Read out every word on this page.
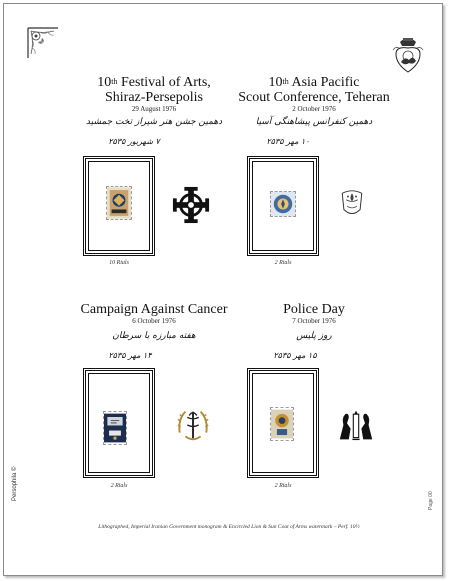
10th Festival of Arts,
Shiraz-Persepolis
29 August 1976
دهمین جشن هنر شیراز تخت جمشید
۷ شهریور ۲۵۳۵
10 Rials
10th Asia Pacific
Scout Conference, Teheran
2 October 1976
دهمین کنفرانس پیشاهنگی آسیا
۱۰ مهر ۲۵۳۵
2 Rials
Campaign Against Cancer
6 October 1976
هفته مبارزه با سرطان
۱۴ مهر ۲۵۳۵
2 Rials
Police Day
7 October 1976
روز پلیس
۱۵ مهر ۲۵۳۵
2 Rials
Lithographed, Imperial Iranian Government monogram & Encircled Lion & Sun Coat of Arms watermark – Perf. 10½
Persophila ©	Page 00
